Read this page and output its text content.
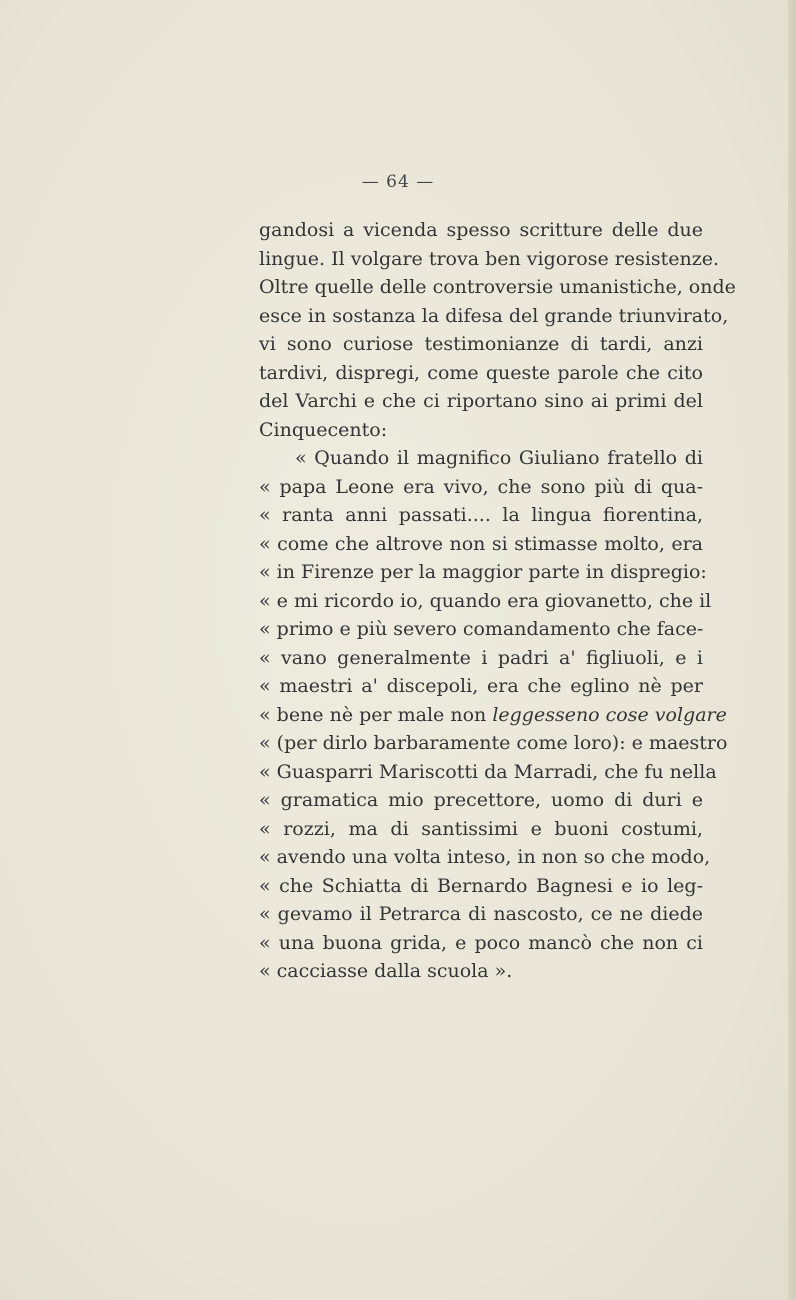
— 64 —
gandosi a vicenda spesso scritture delle due
lingue. Il volgare trova ben vigorose resistenze.
Oltre quelle delle controversie umanistiche, onde
esce in sostanza la difesa del grande triunvirato,
vi sono curiose testimonianze di tardi, anzi
tardivi, dispregi, come queste parole che cito
del Varchi e che ci riportano sino ai primi del
Cinquecento:
« Quando il magnifico Giuliano fratello di
« papa Leone era vivo, che sono più di qua-
« ranta anni passati.... la lingua fiorentina,
« come che altrove non si stimasse molto, era
« in Firenze per la maggior parte in dispregio:
« e mi ricordo io, quando era giovanetto, che il
« primo e più severo comandamento che face-
« vano generalmente i padri a' figliuoli, e i
« maestri a' discepoli, era che eglino nè per
« bene nè per male non leggesseno cose volgare
« (per dirlo barbaramente come loro): e maestro
« Guasparri Mariscotti da Marradi, che fu nella
« gramatica mio precettore, uomo di duri e
« rozzi, ma di santissimi e buoni costumi,
« avendo una volta inteso, in non so che modo,
« che Schiatta di Bernardo Bagnesi e io leg-
« gevamo il Petrarca di nascosto, ce ne diede
« una buona grida, e poco mancò che non ci
« cacciasse dalla scuola ».
